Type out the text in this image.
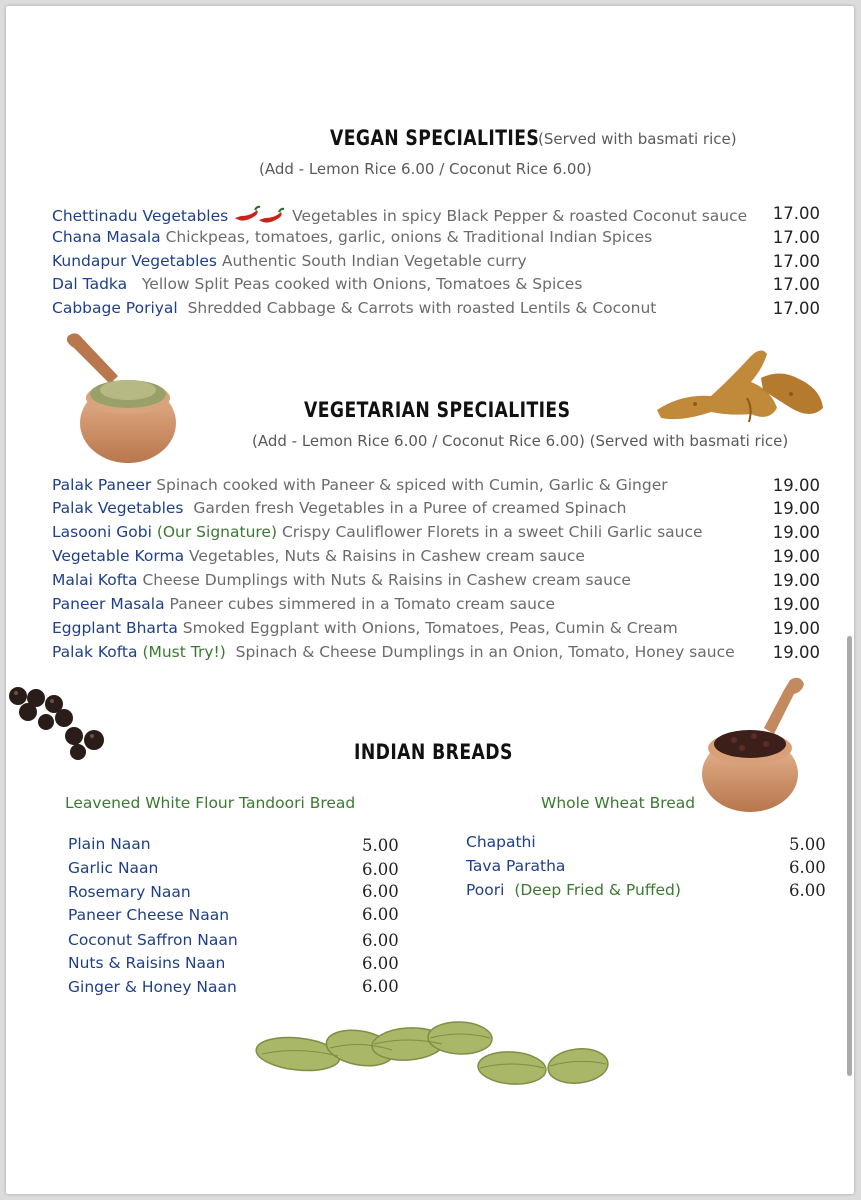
VEGAN SPECIALITIES
(Served with basmati rice)
(Add - Lemon Rice 6.00 / Coconut Rice 6.00)
Chettinadu Vegetables	Vegetables in spicy Black Pepper & roasted Coconut sauce 17.00
Chana Masala Chickpeas, tomatoes, garlic, onions & Traditional Indian Spices	17.00
Kundapur Vegetables Authentic South Indian Vegetable curry	17.00
Dal Tadka Yellow Split Peas cooked with Onions, Tomatoes & Spices	17.00
Cabbage Poriyal Shredded Cabbage & Carrots with roasted Lentils & Coconut	17.00
VEGETARIAN SPECIALITIES
(Add - Lemon Rice 6.00 / Coconut Rice 6.00) (Served with basmati rice)
Palak Paneer Spinach cooked with Paneer & spiced with Cumin, Garlic & Ginger	19.00
Palak Vegetables Garden fresh Vegetables in a Puree of creamed Spinach	19.00
Lasooni Gobi (Our Signature) Crispy Cauliflower Florets in a sweet Chili Garlic sauce	19.00
Vegetable Korma Vegetables, Nuts & Raisins in Cashew cream sauce	19.00
Malai Kofta Cheese Dumplings with Nuts & Raisins in Cashew cream sauce	19.00
Paneer Masala Paneer cubes simmered in a Tomato cream sauce	19.00
Eggplant Bharta Smoked Eggplant with Onions, Tomatoes, Peas, Cumin & Cream	19.00
Palak Kofta (Must Try!) Spinach & Cheese Dumplings in an Onion, Tomato, Honey sauce 19.00
INDIAN BREADS
Leavened White Flour Tandoori Bread	Whole Wheat Bread
Plain Naan	5.00
Garlic Naan	6.00
Rosemary Naan	6.00
Paneer Cheese Naan	6.00
Coconut Saffron Naan	6.00
Nuts & Raisins Naan	6.00
Ginger & Honey Naan	6.00
Chapathi	5.00
Tava Paratha	6.00
Poori (Deep Fried & Puffed)	6.00
